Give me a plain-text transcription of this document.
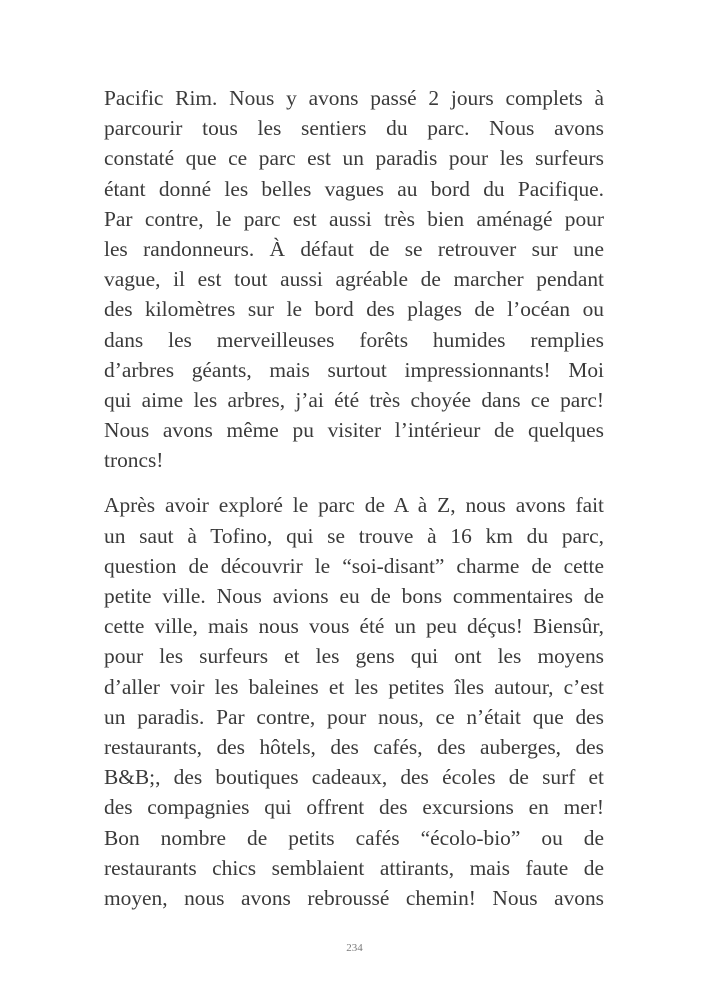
Pacific Rim. Nous y avons passé 2 jours complets à
parcourir tous les sentiers du parc. Nous avons
constaté que ce parc est un paradis pour les surfeurs
étant donné les belles vagues au bord du Pacifique.
Par contre, le parc est aussi très bien aménagé pour
les randonneurs. À défaut de se retrouver sur une
vague, il est tout aussi agréable de marcher pendant
des kilomètres sur le bord des plages de l’océan ou
dans les merveilleuses forêts humides remplies
d’arbres géants, mais surtout impressionnants! Moi
qui aime les arbres, j’ai été très choyée dans ce parc!
Nous avons même pu visiter l’intérieur de quelques
troncs!
Après avoir exploré le parc de A à Z, nous avons fait
un saut à Tofino, qui se trouve à 16 km du parc,
question de découvrir le “soi-disant” charme de cette
petite ville. Nous avions eu de bons commentaires de
cette ville, mais nous vous été un peu déçus! Biensûr,
pour les surfeurs et les gens qui ont les moyens
d’aller voir les baleines et les petites îles autour, c’est
un paradis. Par contre, pour nous, ce n’était que des
restaurants, des hôtels, des cafés, des auberges, des
B&B;, des boutiques cadeaux, des écoles de surf et
des compagnies qui offrent des excursions en mer!
Bon nombre de petits cafés “écolo-bio” ou de
restaurants chics semblaient attirants, mais faute de
moyen, nous avons rebroussé chemin! Nous avons
234
